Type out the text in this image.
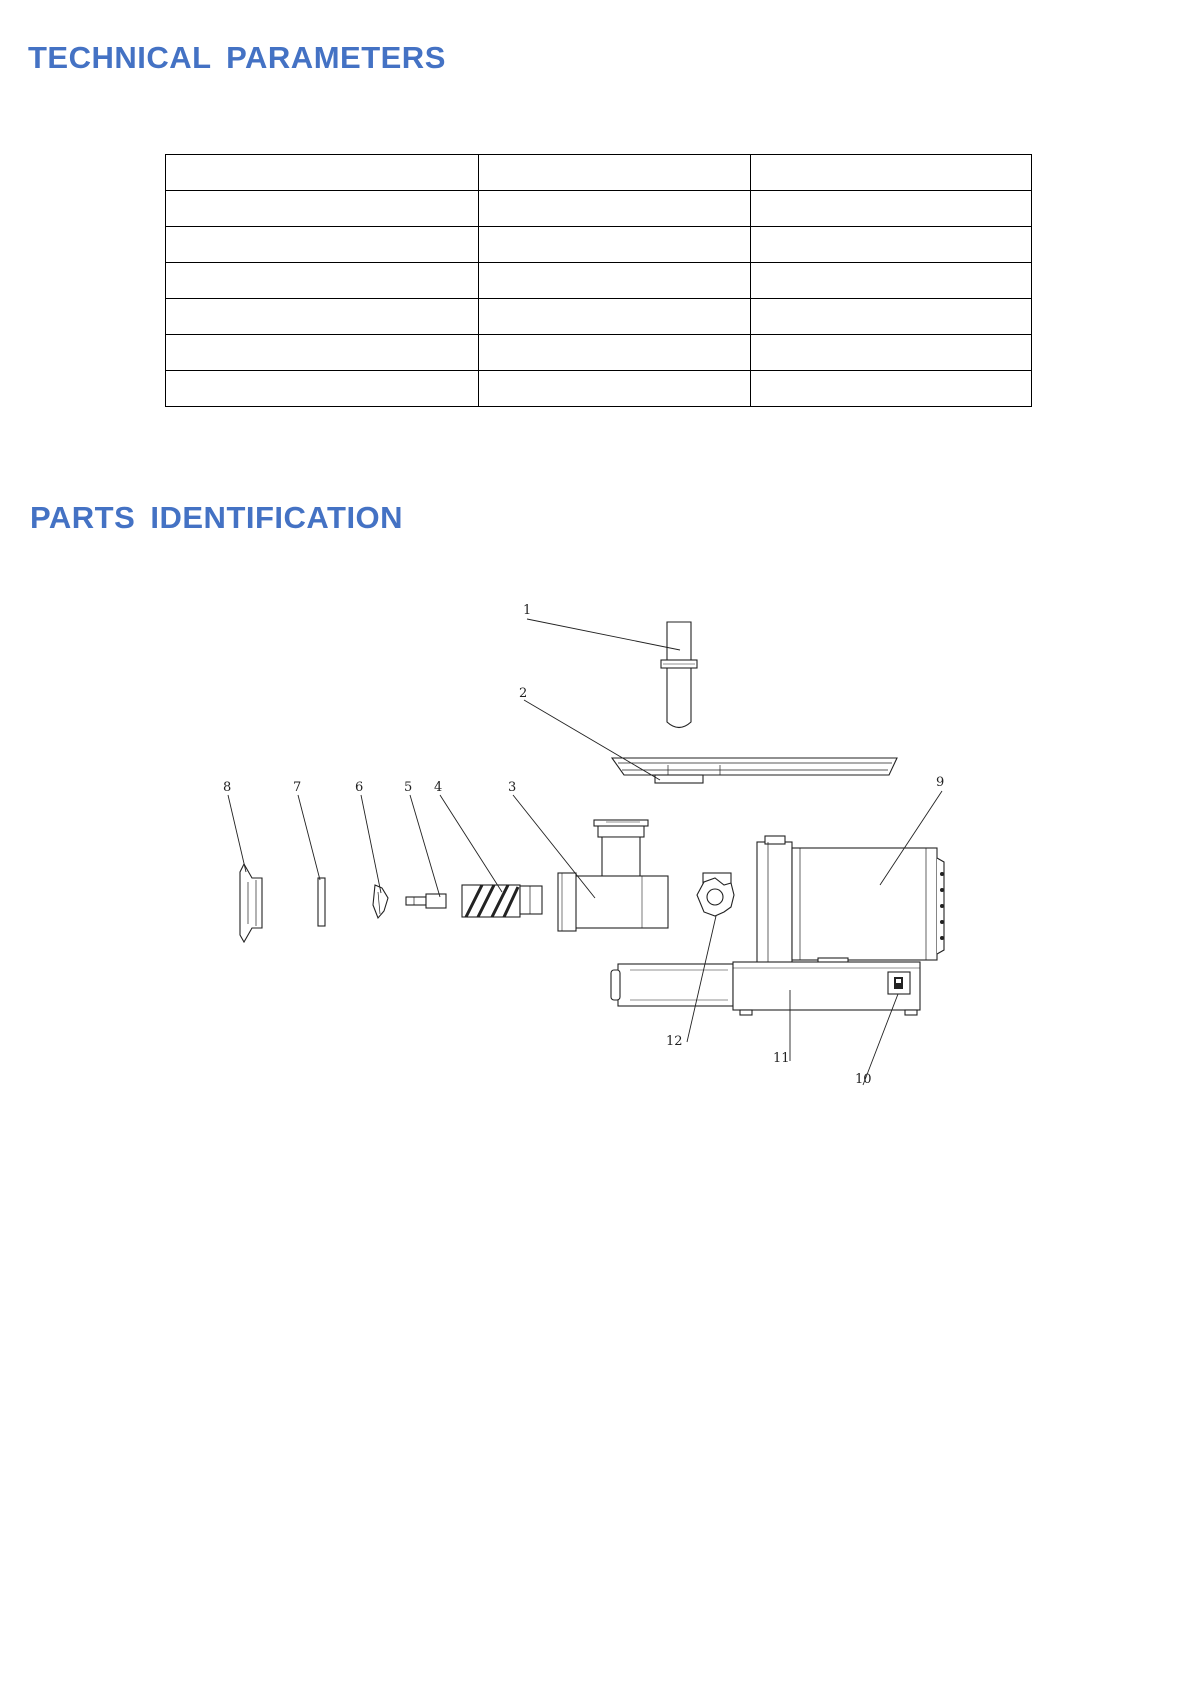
TECHNICAL PARAMETERS

PARTS IDENTIFICATION
1
2
3
4
5
6
7
8	9
10
11
12
